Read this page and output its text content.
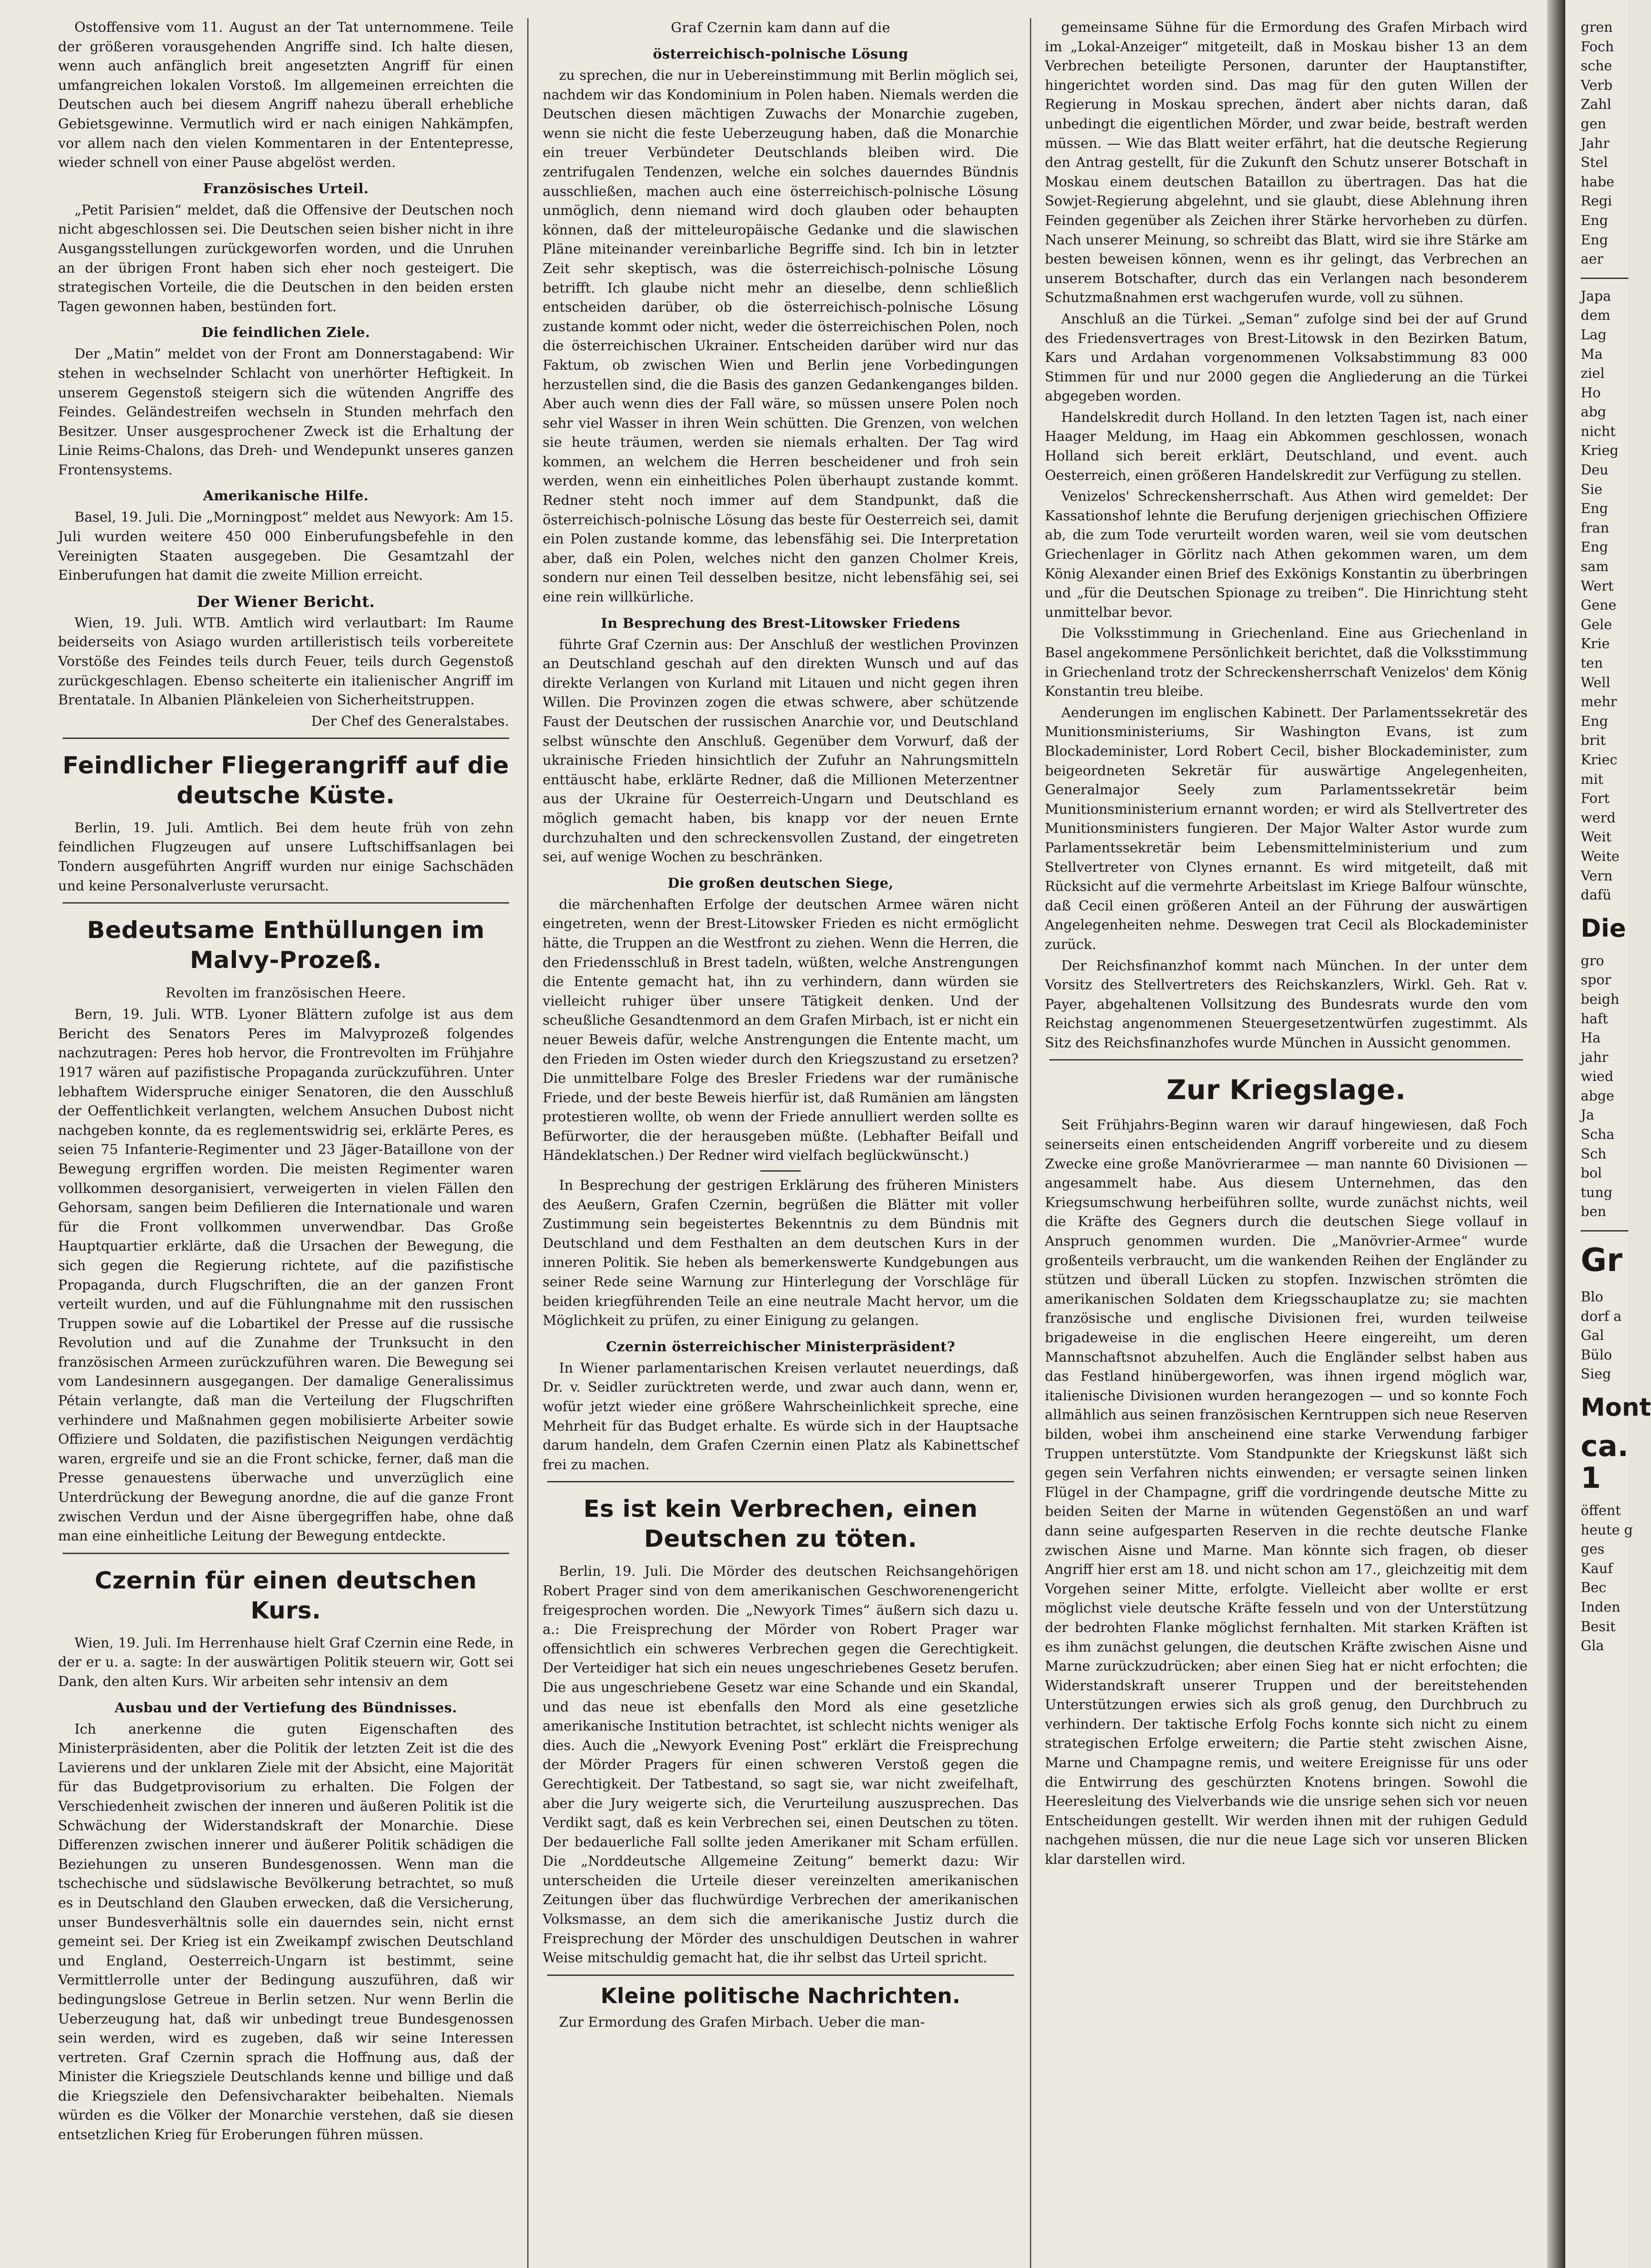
Ostoffensive vom 11. August an der Tat unternommene. Teile der größeren vorausgehenden Angriffe sind. Ich halte diesen, wenn auch anfänglich breit angesetzten Angriff für einen umfangreichen lokalen Vorstoß. Im allgemeinen erreichten die Deutschen auch bei diesem Angriff nahezu überall erhebliche Gebietsgewinne. Vermutlich wird er nach einigen Nahkämpfen, vor allem nach den vielen Kommentaren in der Ententepresse, wieder schnell von einer Pause abgelöst werden.

Französisches Urteil.

„Petit Parisien“ meldet, daß die Offensive der Deutschen noch nicht abgeschlossen sei. Die Deutschen seien bisher nicht in ihre Ausgangsstellungen zurückgeworfen worden, und die Unruhen an der übrigen Front haben sich eher noch gesteigert. Die strategischen Vorteile, die die Deutschen in den beiden ersten Tagen gewonnen haben, bestünden fort.

Die feindlichen Ziele.

Der „Matin“ meldet von der Front am Donnerstagabend: Wir stehen in wechselnder Schlacht von unerhörter Heftigkeit. In unserem Gegenstoß steigern sich die wütenden Angriffe des Feindes. Geländestreifen wechseln in Stunden mehrfach den Besitzer. Unser ausgesprochener Zweck ist die Erhaltung der Linie Reims-Chalons, das Dreh- und Wendepunkt unseres ganzen Frontensystems.

Amerikanische Hilfe.

Basel, 19. Juli. Die „Morningpost“ meldet aus Newyork: Am 15. Juli wurden weitere 450 000 Einberufungsbefehle in den Vereinigten Staaten ausgegeben. Die Gesamtzahl der Einberufungen hat damit die zweite Million erreicht.

Der Wiener Bericht.

Wien, 19. Juli. WTB. Amtlich wird verlautbart: Im Raume beiderseits von Asiago wurden artilleristisch teils vorbereitete Vorstöße des Feindes teils durch Feuer, teils durch Gegenstoß zurückgeschlagen. Ebenso scheiterte ein italienischer Angriff im Brentatale. In Albanien Plänkeleien von Sicherheitstruppen.

Der Chef des Generalstabes.
Feindlicher Fliegerangriff auf die deutsche Küste.

Berlin, 19. Juli. Amtlich. Bei dem heute früh von zehn feindlichen Flugzeugen auf unsere Luftschiffsanlagen bei Tondern ausgeführten Angriff wurden nur einige Sachschäden und keine Personalverluste verursacht.

Bedeutsame Enthüllungen im Malvy-Prozeß.
Revolten im französischen Heere.

Bern, 19. Juli. WTB. Lyoner Blättern zufolge ist aus dem Bericht des Senators Peres im Malvyprozeß folgendes nachzutragen: Peres hob hervor, die Frontrevolten im Frühjahre 1917 wären auf pazifistische Propaganda zurückzuführen. Unter lebhaftem Widerspruche einiger Senatoren, die den Ausschluß der Oeffentlichkeit verlangten, welchem Ansuchen Dubost nicht nachgeben konnte, da es reglementswidrig sei, erklärte Peres, es seien 75 Infanterie-Regimenter und 23 Jäger-Bataillone von der Bewegung ergriffen worden. Die meisten Regimenter waren vollkommen desorganisiert, verweigerten in vielen Fällen den Gehorsam, sangen beim Defilieren die Internationale und waren für die Front vollkommen unverwendbar. Das Große Hauptquartier erklärte, daß die Ursachen der Bewegung, die sich gegen die Regierung richtete, auf die pazifistische Propaganda, durch Flugschriften, die an der ganzen Front verteilt wurden, und auf die Fühlungnahme mit den russischen Truppen sowie auf die Lobartikel der Presse auf die russische Revolution und auf die Zunahme der Trunksucht in den französischen Armeen zurückzuführen waren. Die Bewegung sei vom Landesinnern ausgegangen. Der damalige Generalissimus Pétain verlangte, daß man die Verteilung der Flugschriften verhindere und Maßnahmen gegen mobilisierte Arbeiter sowie Offiziere und Soldaten, die pazifistischen Neigungen verdächtig waren, ergreife und sie an die Front schicke, ferner, daß man die Presse genauestens überwache und unverzüglich eine Unterdrückung der Bewegung anordne, die auf die ganze Front zwischen Verdun und der Aisne übergegriffen habe, ohne daß man eine einheitliche Leitung der Bewegung entdeckte.

Czernin für einen deutschen Kurs.

Wien, 19. Juli. Im Herrenhause hielt Graf Czernin eine Rede, in der er u. a. sagte: In der auswärtigen Politik steuern wir, Gott sei Dank, den alten Kurs. Wir arbeiten sehr intensiv an dem

Ausbau und der Vertiefung des Bündnisses.

Ich anerkenne die guten Eigenschaften des Ministerpräsidenten, aber die Politik der letzten Zeit ist die des Lavierens und der unklaren Ziele mit der Absicht, eine Majorität für das Budgetprovisorium zu erhalten. Die Folgen der Verschiedenheit zwischen der inneren und äußeren Politik ist die Schwächung der Widerstandskraft der Monarchie. Diese Differenzen zwischen innerer und äußerer Politik schädigen die Beziehungen zu unseren Bundesgenossen. Wenn man die tschechische und südslawische Bevölkerung betrachtet, so muß es in Deutschland den Glauben erwecken, daß die Versicherung, unser Bundesverhältnis solle ein dauerndes sein, nicht ernst gemeint sei. Der Krieg ist ein Zweikampf zwischen Deutschland und England, Oesterreich-Ungarn ist bestimmt, seine Vermittlerrolle unter der Bedingung auszuführen, daß wir bedingungslose Getreue in Berlin setzen. Nur wenn Berlin die Ueberzeugung hat, daß wir unbedingt treue Bundesgenossen sein werden, wird es zugeben, daß wir seine Interessen vertreten. Graf Czernin sprach die Hoffnung aus, daß der Minister die Kriegsziele Deutschlands kenne und billige und daß die Kriegsziele den Defensivcharakter beibehalten. Niemals würden es die Völker der Monarchie verstehen, daß sie diesen entsetzlichen Krieg für Eroberungen führen müssen.

Graf Czernin kam dann auf die
österreichisch-polnische Lösung

zu sprechen, die nur in Uebereinstimmung mit Berlin möglich sei, nachdem wir das Kondominium in Polen haben. Niemals werden die Deutschen diesen mächtigen Zuwachs der Monarchie zugeben, wenn sie nicht die feste Ueberzeugung haben, daß die Monarchie ein treuer Verbündeter Deutschlands bleiben wird. Die zentrifugalen Tendenzen, welche ein solches dauerndes Bündnis ausschließen, machen auch eine österreichisch-polnische Lösung unmöglich, denn niemand wird doch glauben oder behaupten können, daß der mitteleuropäische Gedanke und die slawischen Pläne miteinander vereinbarliche Begriffe sind. Ich bin in letzter Zeit sehr skeptisch, was die österreichisch-polnische Lösung betrifft. Ich glaube nicht mehr an dieselbe, denn schließlich entscheiden darüber, ob die österreichisch-polnische Lösung zustande kommt oder nicht, weder die österreichischen Polen, noch die österreichischen Ukrainer. Entscheiden darüber wird nur das Faktum, ob zwischen Wien und Berlin jene Vorbedingungen herzustellen sind, die die Basis des ganzen Gedankenganges bilden. Aber auch wenn dies der Fall wäre, so müssen unsere Polen noch sehr viel Wasser in ihren Wein schütten. Die Grenzen, von welchen sie heute träumen, werden sie niemals erhalten. Der Tag wird kommen, an welchem die Herren bescheidener und froh sein werden, wenn ein einheitliches Polen überhaupt zustande kommt. Redner steht noch immer auf dem Standpunkt, daß die österreichisch-polnische Lösung das beste für Oesterreich sei, damit ein Polen zustande komme, das lebensfähig sei. Die Interpretation aber, daß ein Polen, welches nicht den ganzen Cholmer Kreis, sondern nur einen Teil desselben besitze, nicht lebensfähig sei, sei eine rein willkürliche.

In Besprechung des Brest-Litowsker Friedens

führte Graf Czernin aus: Der Anschluß der westlichen Provinzen an Deutschland geschah auf den direkten Wunsch und auf das direkte Verlangen von Kurland mit Litauen und nicht gegen ihren Willen. Die Provinzen zogen die etwas schwere, aber schützende Faust der Deutschen der russischen Anarchie vor, und Deutschland selbst wünschte den Anschluß. Gegenüber dem Vorwurf, daß der ukrainische Frieden hinsichtlich der Zufuhr an Nahrungsmitteln enttäuscht habe, erklärte Redner, daß die Millionen Meterzentner aus der Ukraine für Oesterreich-Ungarn und Deutschland es möglich gemacht haben, bis knapp vor der neuen Ernte durchzuhalten und den schreckensvollen Zustand, der eingetreten sei, auf wenige Wochen zu beschränken.

Die großen deutschen Siege,

die märchenhaften Erfolge der deutschen Armee wären nicht eingetreten, wenn der Brest-Litowsker Frieden es nicht ermöglicht hätte, die Truppen an die Westfront zu ziehen. Wenn die Herren, die den Friedensschluß in Brest tadeln, wüßten, welche Anstrengungen die Entente gemacht hat, ihn zu verhindern, dann würden sie vielleicht ruhiger über unsere Tätigkeit denken. Und der scheußliche Gesandtenmord an dem Grafen Mirbach, ist er nicht ein neuer Beweis dafür, welche Anstrengungen die Entente macht, um den Frieden im Osten wieder durch den Kriegszustand zu ersetzen? Die unmittelbare Folge des Bresler Friedens war der rumänische Friede, und der beste Beweis hierfür ist, daß Rumänien am längsten protestieren wollte, ob wenn der Friede annulliert werden sollte es Befürworter, die der herausgeben müßte. (Lebhafter Beifall und Händeklatschen.) Der Redner wird vielfach beglückwünscht.)

In Besprechung der gestrigen Erklärung des früheren Ministers des Aeußern, Grafen Czernin, begrüßen die Blätter mit voller Zustimmung sein begeistertes Bekenntnis zu dem Bündnis mit Deutschland und dem Festhalten an dem deutschen Kurs in der inneren Politik. Sie heben als bemerkenswerte Kundgebungen aus seiner Rede seine Warnung zur Hinterlegung der Vorschläge für beiden kriegführenden Teile an eine neutrale Macht hervor, um die Möglichkeit zu prüfen, zu einer Einigung zu gelangen.

Czernin österreichischer Ministerpräsident?

In Wiener parlamentarischen Kreisen verlautet neuerdings, daß Dr. v. Seidler zurücktreten werde, und zwar auch dann, wenn er, wofür jetzt wieder eine größere Wahrscheinlichkeit spreche, eine Mehrheit für das Budget erhalte. Es würde sich in der Hauptsache darum handeln, dem Grafen Czernin einen Platz als Kabinettschef frei zu machen.

Es ist kein Verbrechen, einen Deutschen zu töten.

Berlin, 19. Juli. Die Mörder des deutschen Reichsangehörigen Robert Prager sind von dem amerikanischen Geschworenengericht freigesprochen worden. Die „Newyork Times“ äußern sich dazu u. a.: Die Freisprechung der Mörder von Robert Prager war offensichtlich ein schweres Verbrechen gegen die Gerechtigkeit. Der Verteidiger hat sich ein neues ungeschriebenes Gesetz berufen. Die aus ungeschriebene Gesetz war eine Schande und ein Skandal, und das neue ist ebenfalls den Mord als eine gesetzliche amerikanische Institution betrachtet, ist schlecht nichts weniger als dies. Auch die „Newyork Evening Post“ erklärt die Freisprechung der Mörder Pragers für einen schweren Verstoß gegen die Gerechtigkeit. Der Tatbestand, so sagt sie, war nicht zweifelhaft, aber die Jury weigerte sich, die Verurteilung auszusprechen. Das Verdikt sagt, daß es kein Verbrechen sei, einen Deutschen zu töten. Der bedauerliche Fall sollte jeden Amerikaner mit Scham erfüllen. Die „Norddeutsche Allgemeine Zeitung“ bemerkt dazu: Wir unterscheiden die Urteile dieser vereinzelten amerikanischen Zeitungen über das fluchwürdige Verbrechen der amerikanischen Volksmasse, an dem sich die amerikanische Justiz durch die Freisprechung der Mörder des unschuldigen Deutschen in wahrer Weise mitschuldig gemacht hat, die ihr selbst das Urteil spricht.

Kleine politische Nachrichten.

Zur Ermordung des Grafen Mirbach. Ueber die man-

gemeinsame Sühne für die Ermordung des Grafen Mirbach wird im „Lokal-Anzeiger“ mitgeteilt, daß in Moskau bisher 13 an dem Verbrechen beteiligte Personen, darunter der Hauptanstifter, hingerichtet worden sind. Das mag für den guten Willen der Regierung in Moskau sprechen, ändert aber nichts daran, daß unbedingt die eigentlichen Mörder, und zwar beide, bestraft werden müssen. — Wie das Blatt weiter erfährt, hat die deutsche Regierung den Antrag gestellt, für die Zukunft den Schutz unserer Botschaft in Moskau einem deutschen Bataillon zu übertragen. Das hat die Sowjet-Regierung abgelehnt, und sie glaubt, diese Ablehnung ihren Feinden gegenüber als Zeichen ihrer Stärke hervorheben zu dürfen. Nach unserer Meinung, so schreibt das Blatt, wird sie ihre Stärke am besten beweisen können, wenn es ihr gelingt, das Verbrechen an unserem Botschafter, durch das ein Verlangen nach besonderem Schutzmaßnahmen erst wachgerufen wurde, voll zu sühnen.

Anschluß an die Türkei. „Seman“ zufolge sind bei der auf Grund des Friedensvertrages von Brest-Litowsk in den Bezirken Batum, Kars und Ardahan vorgenommenen Volksabstimmung 83 000 Stimmen für und nur 2000 gegen die Angliederung an die Türkei abgegeben worden.

Handelskredit durch Holland. In den letzten Tagen ist, nach einer Haager Meldung, im Haag ein Abkommen geschlossen, wonach Holland sich bereit erklärt, Deutschland, und event. auch Oesterreich, einen größeren Handelskredit zur Verfügung zu stellen.

Venizelos' Schreckensherrschaft. Aus Athen wird gemeldet: Der Kassationshof lehnte die Berufung derjenigen griechischen Offiziere ab, die zum Tode verurteilt worden waren, weil sie vom deutschen Griechenlager in Görlitz nach Athen gekommen waren, um dem König Alexander einen Brief des Exkönigs Konstantin zu überbringen und „für die Deutschen Spionage zu treiben“. Die Hinrichtung steht unmittelbar bevor.

Die Volksstimmung in Griechenland. Eine aus Griechenland in Basel angekommene Persönlichkeit berichtet, daß die Volksstimmung in Griechenland trotz der Schreckensherrschaft Venizelos' dem König Konstantin treu bleibe.

Aenderungen im englischen Kabinett. Der Parlamentssekretär des Munitionsministeriums, Sir Washington Evans, ist zum Blockademinister, Lord Robert Cecil, bisher Blockademinister, zum beigeordneten Sekretär für auswärtige Angelegenheiten, Generalmajor Seely zum Parlamentssekretär beim Munitionsministerium ernannt worden; er wird als Stellvertreter des Munitionsministers fungieren. Der Major Walter Astor wurde zum Parlamentssekretär beim Lebensmittelministerium und zum Stellvertreter von Clynes ernannt. Es wird mitgeteilt, daß mit Rücksicht auf die vermehrte Arbeitslast im Kriege Balfour wünschte, daß Cecil einen größeren Anteil an der Führung der auswärtigen Angelegenheiten nehme. Deswegen trat Cecil als Blockademinister zurück.

Der Reichsfinanzhof kommt nach München. In der unter dem Vorsitz des Stellvertreters des Reichskanzlers, Wirkl. Geh. Rat v. Payer, abgehaltenen Vollsitzung des Bundesrats wurde den vom Reichstag angenommenen Steuergesetzentwürfen zugestimmt. Als Sitz des Reichsfinanzhofes wurde München in Aussicht genommen.

Zur Kriegslage.

Seit Frühjahrs-Beginn waren wir darauf hingewiesen, daß Foch seinerseits einen entscheidenden Angriff vorbereite und zu diesem Zwecke eine große Manövrierarmee — man nannte 60 Divisionen — angesammelt habe. Aus diesem Unternehmen, das den Kriegsumschwung herbeiführen sollte, wurde zunächst nichts, weil die Kräfte des Gegners durch die deutschen Siege vollauf in Anspruch genommen wurden. Die „Manövrier-Armee“ wurde großenteils verbraucht, um die wankenden Reihen der Engländer zu stützen und überall Lücken zu stopfen. Inzwischen strömten die amerikanischen Soldaten dem Kriegsschauplatze zu; sie machten französische und englische Divisionen frei, wurden teilweise brigadeweise in die englischen Heere eingereiht, um deren Mannschaftsnot abzuhelfen. Auch die Engländer selbst haben aus das Festland hinübergeworfen, was ihnen irgend möglich war, italienische Divisionen wurden herangezogen — und so konnte Foch allmählich aus seinen französischen Kerntruppen sich neue Reserven bilden, wobei ihm anscheinend eine starke Verwendung farbiger Truppen unterstützte. Vom Standpunkte der Kriegskunst läßt sich gegen sein Verfahren nichts einwenden; er versagte seinen linken Flügel in der Champagne, griff die vordringende deutsche Mitte zu beiden Seiten der Marne in wütenden Gegenstößen an und warf dann seine aufgesparten Reserven in die rechte deutsche Flanke zwischen Aisne und Marne. Man könnte sich fragen, ob dieser Angriff hier erst am 18. und nicht schon am 17., gleichzeitig mit dem Vorgehen seiner Mitte, erfolgte. Vielleicht aber wollte er erst möglichst viele deutsche Kräfte fesseln und von der Unterstützung der bedrohten Flanke möglichst fernhalten. Mit starken Kräften ist es ihm zunächst gelungen, die deutschen Kräfte zwischen Aisne und Marne zurückzudrücken; aber einen Sieg hat er nicht erfochten; die Widerstandskraft unserer Truppen und der bereitstehenden Unterstützungen erwies sich als groß genug, den Durchbruch zu verhindern. Der taktische Erfolg Fochs konnte sich nicht zu einem strategischen Erfolge erweitern; die Partie steht zwischen Aisne, Marne und Champagne remis, und weitere Ereignisse für uns oder die Entwirrung des geschürzten Knotens bringen. Sowohl die Heeresleitung des Vielverbands wie die unsrige sehen sich vor neuen Entscheidungen gestellt. Wir werden ihnen mit der ruhigen Geduld nachgehen müssen, die nur die neue Lage sich vor unseren Blicken klar darstellen wird.

gren
Foch
sche
Verb
Zahl
gen
Jahr
Stel
habe
Regi
Eng
Eng
aer
Japa
dem
Lag
Ma
ziel
Ho
abg
nicht
Krieg
Deu
Sie
Eng
fran
Eng
sam
Wert
Gene
Gele
Krie
ten
Well
mehr
Eng
brit
Kriec
mit
Fort
werd
Weit
Weite
Vern
dafü
Die
gro
spor
beigh
haft
Ha
jahr
wied
abge
Ja
Scha
Sch
bol
tung
ben
Gr
Blo
dorf a
Gal
Bülo
Sieg
Mont
ca. 1
öffent
heute g
ges
Kauf
Bec
Inden
Besit
Gla
